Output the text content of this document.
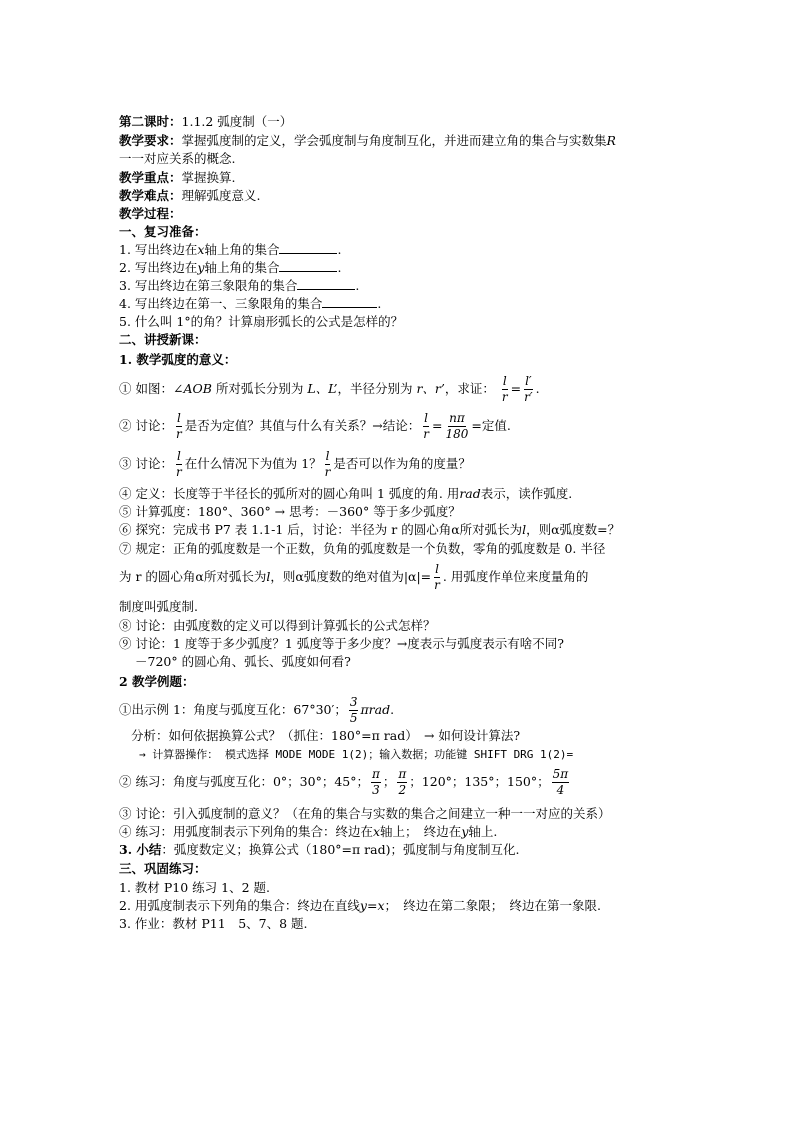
第二课时：1.1.2 弧度制（一）
教学要求：掌握弧度制的定义，学会弧度制与角度制互化，并进而建立角的集合与实数集R
一一对应关系的概念.
教学重点：掌握换算.
教学难点：理解弧度意义.
教学过程：
一、复习准备：
1. 写出终边在x轴上角的集合	.
2. 写出终边在y轴上角的集合	.
3. 写出终边在第三象限角的集合	.
4. 写出终边在第一、三象限角的集合	.
5. 什么叫 1°的角？计算扇形弧长的公式是怎样的？
二、讲授新课：
1. 教学弧度的意义：
① 如图：∠AOB 所对弧长分别为 L、L’，半径分别为 r、r’，求证： $\frac{l}{r} = \frac{l'}{r'}$ .
② 讨论： $\frac{l}{r}$ 是否为定值？其值与什么有关系？→结论： $\frac{l}{r} = \frac{n\pi}{180}$ =定值.
③ 讨论： $\frac{l}{r}$ 在什么情况下为值为 1？ $\frac{l}{r}$ 是否可以作为角的度量？
④ 定义：长度等于半径长的弧所对的圆心角叫 1 弧度的角. 用rad表示，读作弧度.
⑤ 计算弧度：180°、360° → 思考：－360° 等于多少弧度？
⑥ 探究：完成书 P7 表 1.1-1 后，讨论：半径为 r 的圆心角α所对弧长为l，则α弧度数=？
⑦ 规定：正角的弧度数是一个正数，负角的弧度数是一个负数，零角的弧度数是 0. 半径
为 r 的圆心角α所对弧长为l，则α弧度数的绝对值为$|\alpha|= \frac{l}{r}$ . 用弧度作单位来度量角的
制度叫弧度制.
⑧ 讨论：由弧度数的定义可以得到计算弧长的公式怎样？
⑨ 讨论：1 度等于多少弧度？1 弧度等于多少度？→度表示与弧度表示有啥不同?
－720° 的圆心角、弧长、弧度如何看?
2 教学例题：
①出示例 1：角度与弧度互化：67°30′； $\frac{3}{5} \pi rad$.
分析：如何依据换算公式？（抓住：180°=π rad）　→ 如何设计算法?
→ 计算器操作： 模式选择 MODE MODE 1(2)；输入数据；功能键 SHIFT DRG 1(2)=
② 练习：角度与弧度互化：0°；30°；45°； $\frac{\pi}{3}$ ； $\frac{\pi}{2}$ ；120°；135°；150°； $\frac{5\pi}{4}$
③ 讨论：引入弧度制的意义？（在角的集合与实数的集合之间建立一种一一对应的关系）
④ 练习：用弧度制表示下列角的集合：终边在x轴上；　终边在y轴上.
3. 小结：弧度数定义；换算公式（180°=π rad)；弧度制与角度制互化.
三、巩固练习：
1. 教材 P10 练习 1、2 题.
2. 用弧度制表示下列角的集合：终边在直线y=x；　终边在第二象限；　终边在第一象限.
3. 作业：教材 P11　5、7、8 题.
